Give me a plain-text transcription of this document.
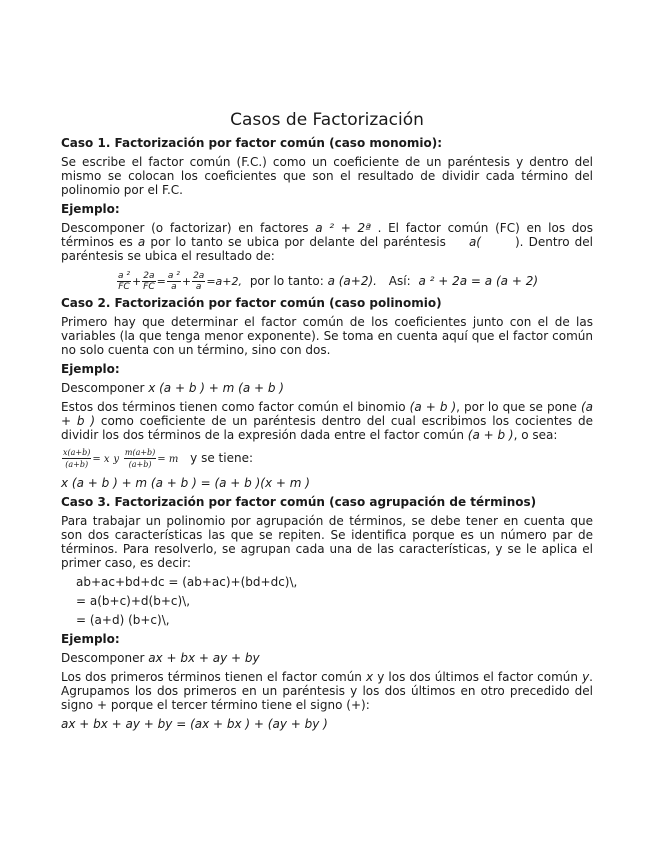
Casos de Factorización
Caso 1. Factorización por factor común (caso monomio):
Se escribe el factor común (F.C.) como un coeficiente de un paréntesis y dentro del mismo se colocan los coeficientes que son el resultado de dividir cada término del polinomio por el F.C.
Ejemplo:
Descomponer (o factorizar) en factores a ² + 2ª . El factor común (FC) en los dos términos es a por lo tanto se ubica por delante del paréntesis a(	). Dentro del paréntesis se ubica el resultado de:
$\frac{\text{a ²}}{FC} + \frac{2a}{FC} = \frac{\text{a ²}}{a} + \frac{2a}{a} =a+2$, por lo tanto: a (a+2). Así: a ² + 2a = a (a + 2)
Caso 2. Factorización por factor común (caso polinomio)
Primero hay que determinar el factor común de los coeficientes junto con el de las variables (la que tenga menor exponente). Se toma en cuenta aquí que el factor común no solo cuenta con un término, sino con dos.
Ejemplo:
Descomponer x (a + b ) + m (a + b )
Estos dos términos tienen como factor común el binomio (a + b ), por lo que se pone (a + b ) como coeficiente de un paréntesis dentro del cual escribimos los cocientes de dividir los dos términos de la expresión dada entre el factor común (a + b ), o sea:
$\frac{x(a+b)}{(a+b)} = x$ y $\frac{m(a+b)}{(a+b)} = m$ y se tiene:
x (a + b ) + m (a + b ) = (a + b )(x + m )
Caso 3. Factorización por factor común (caso agrupación de términos)
Para trabajar un polinomio por agrupación de términos, se debe tener en cuenta que son dos características las que se repiten. Se identifica porque es un número par de términos. Para resolverlo, se agrupan cada una de las características, y se le aplica el primer caso, es decir:
ab+ac+bd+dc = (ab+ac)+(bd+dc)\,
= a(b+c)+d(b+c)\,
= (a+d) (b+c)\,
Ejemplo:
Descomponer ax + bx + ay + by
Los dos primeros términos tienen el factor común x y los dos últimos el factor común y. Agrupamos los dos primeros en un paréntesis y los dos últimos en otro precedido del signo + porque el tercer término tiene el signo (+):
ax + bx + ay + by = (ax + bx ) + (ay + by )
